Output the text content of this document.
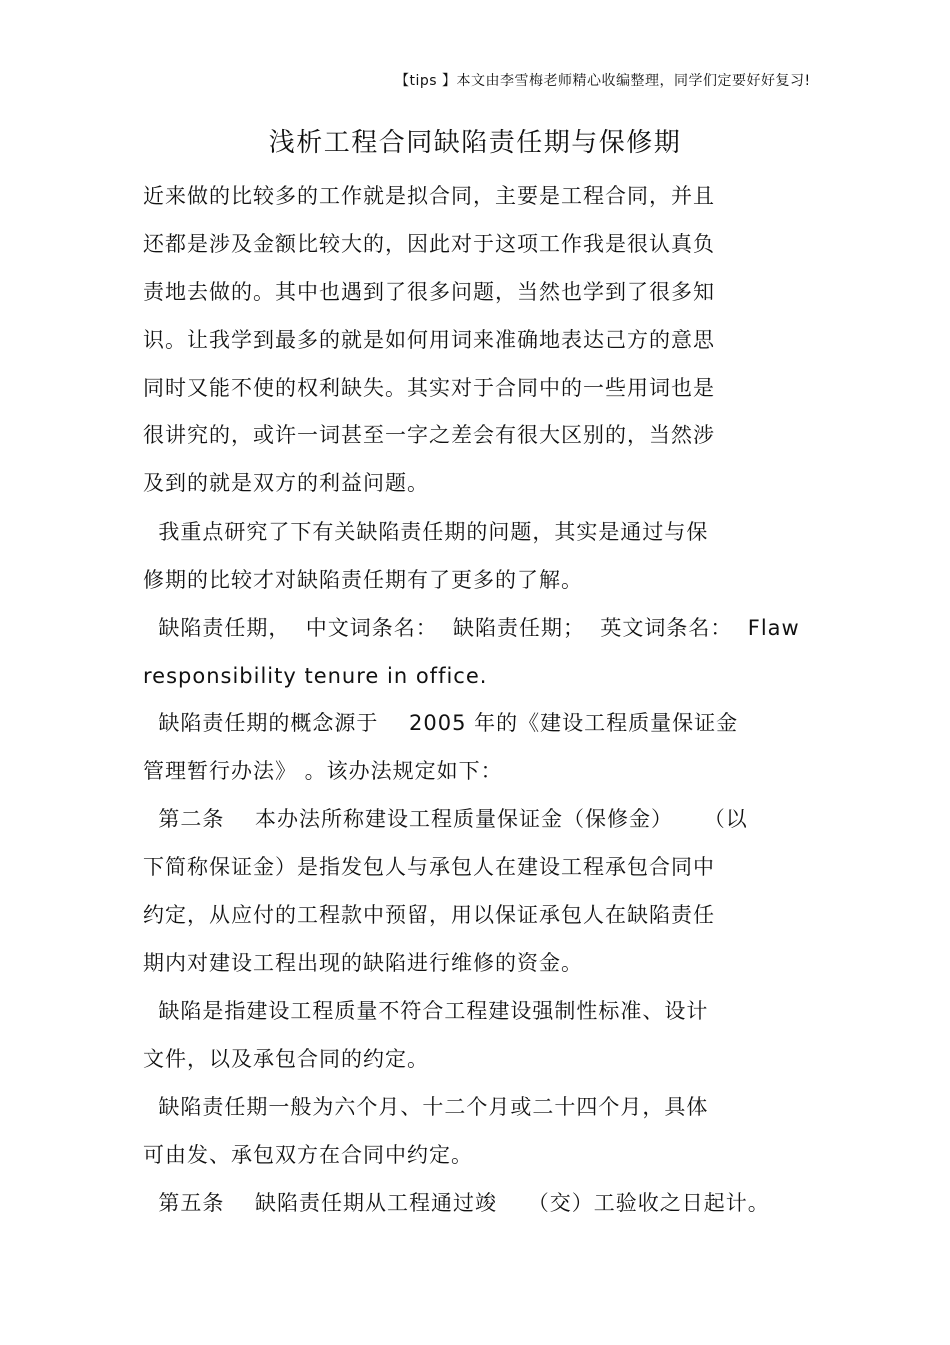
【tips 】本文由李雪梅老师精心收编整理，同学们定要好好复习!
浅析工程合同缺陷责任期与保修期
近来做的比较多的工作就是拟合同，主要是工程合同，并且
还都是涉及金额比较大的，因此对于这项工作我是很认真负
责地去做的。其中也遇到了很多问题，当然也学到了很多知
识。让我学到最多的就是如何用词来准确地表达己方的意思
同时又能不使的权利缺失。其实对于合同中的一些用词也是
很讲究的，或许一词甚至一字之差会有很大区别的，当然涉
及到的就是双方的利益问题。
我重点研究了下有关缺陷责任期的问题，其实是通过与保
修期的比较才对缺陷责任期有了更多的了解。
缺陷责任期，  中文词条名：  缺陷责任期；  英文词条名：  Flaw
responsibility tenure in office.
缺陷责任期的概念源于    2005 年的《建设工程质量保证金
管理暂行办法》 。该办法规定如下：
第二条    本办法所称建设工程质量保证金（保修金）    （以
下简称保证金）是指发包人与承包人在建设工程承包合同中
约定，从应付的工程款中预留，用以保证承包人在缺陷责任
期内对建设工程出现的缺陷进行维修的资金。
缺陷是指建设工程质量不符合工程建设强制性标准、设计
文件，以及承包合同的约定。
缺陷责任期一般为六个月、十二个月或二十四个月，具体
可由发、承包双方在合同中约定。
第五条    缺陷责任期从工程通过竣    （交）工验收之日起计。
